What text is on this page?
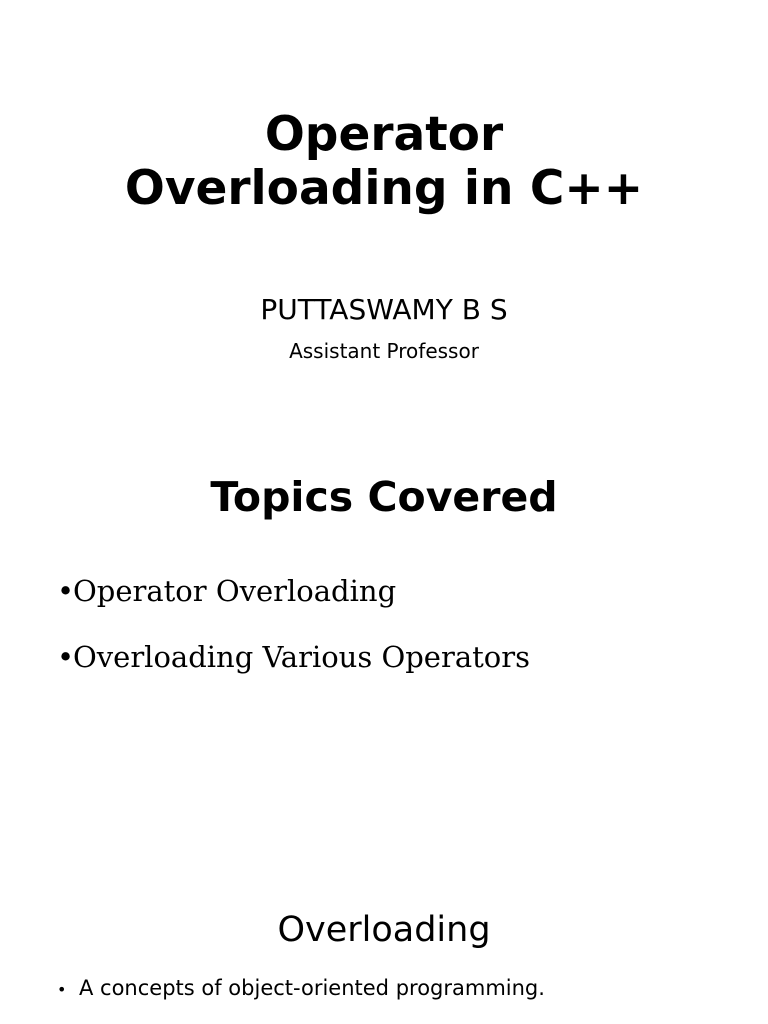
Operator
Overloading in C++
PUTTASWAMY B S
Assistant Professor
Topics Covered
•
Operator Overloading
•
Overloading Various Operators
Overloading
• A concepts of object-oriented programming.
